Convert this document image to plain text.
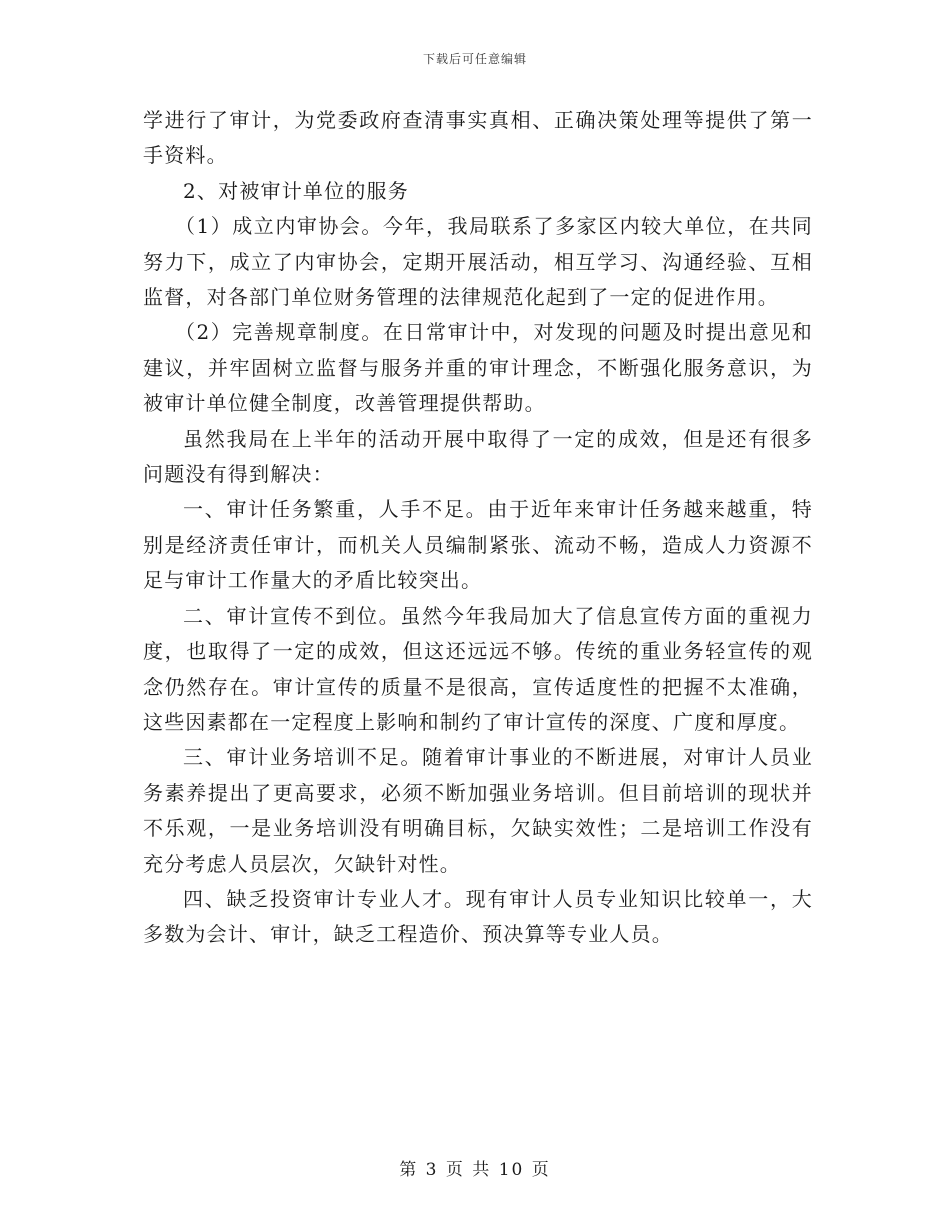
下载后可任意编辑

学进行了审计，为党委政府查清事实真相、正确决策处理等提供了第一手资料。

2、对被审计单位的服务

（1）成立内审协会。今年，我局联系了多家区内较大单位，在共同努力下，成立了内审协会，定期开展活动，相互学习、沟通经验、互相监督，对各部门单位财务管理的法律规范化起到了一定的促进作用。

（2）完善规章制度。在日常审计中，对发现的问题及时提出意见和建议，并牢固树立监督与服务并重的审计理念，不断强化服务意识，为被审计单位健全制度，改善管理提供帮助。

虽然我局在上半年的活动开展中取得了一定的成效，但是还有很多问题没有得到解决：

一、审计任务繁重，人手不足。由于近年来审计任务越来越重，特别是经济责任审计，而机关人员编制紧张、流动不畅，造成人力资源不足与审计工作量大的矛盾比较突出。

二、审计宣传不到位。虽然今年我局加大了信息宣传方面的重视力度，也取得了一定的成效，但这还远远不够。传统的重业务轻宣传的观念仍然存在。审计宣传的质量不是很高，宣传适度性的把握不太准确，这些因素都在一定程度上影响和制约了审计宣传的深度、广度和厚度。

三、审计业务培训不足。随着审计事业的不断进展，对审计人员业务素养提出了更高要求，必须不断加强业务培训。但目前培训的现状并不乐观，一是业务培训没有明确目标，欠缺实效性；二是培训工作没有充分考虑人员层次，欠缺针对性。

四、缺乏投资审计专业人才。现有审计人员专业知识比较单一，大多数为会计、审计，缺乏工程造价、预决算等专业人员。

第 3 页 共 10 页
